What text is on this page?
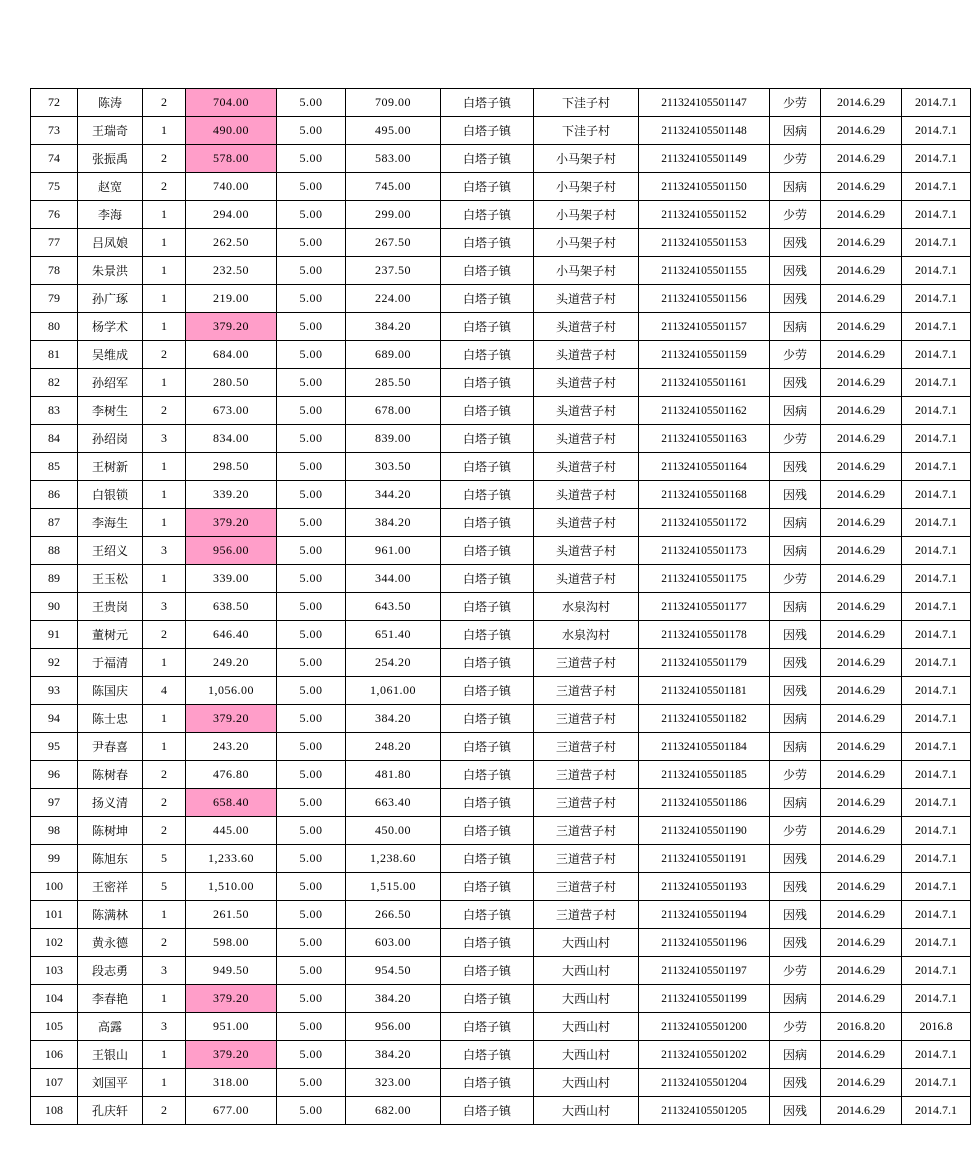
72	陈涛	2	704.00	5.00	709.00	白塔子镇	下洼子村	211324105501147	少劳	2014.6.29	2014.7.1
73	王瑞奇	1	490.00	5.00	495.00	白塔子镇	下洼子村	211324105501148	因病	2014.6.29	2014.7.1
74	张振禹	2	578.00	5.00	583.00	白塔子镇	小马架子村	211324105501149	少劳	2014.6.29	2014.7.1
75	赵宽	2	740.00	5.00	745.00	白塔子镇	小马架子村	211324105501150	因病	2014.6.29	2014.7.1
76	李海	1	294.00	5.00	299.00	白塔子镇	小马架子村	211324105501152	少劳	2014.6.29	2014.7.1
77	吕凤娘	1	262.50	5.00	267.50	白塔子镇	小马架子村	211324105501153	因残	2014.6.29	2014.7.1
78	朱景洪	1	232.50	5.00	237.50	白塔子镇	小马架子村	211324105501155	因残	2014.6.29	2014.7.1
79	孙广琢	1	219.00	5.00	224.00	白塔子镇	头道营子村	211324105501156	因残	2014.6.29	2014.7.1
80	杨学术	1	379.20	5.00	384.20	白塔子镇	头道营子村	211324105501157	因病	2014.6.29	2014.7.1
81	吴维成	2	684.00	5.00	689.00	白塔子镇	头道营子村	211324105501159	少劳	2014.6.29	2014.7.1
82	孙绍军	1	280.50	5.00	285.50	白塔子镇	头道营子村	211324105501161	因残	2014.6.29	2014.7.1
83	李树生	2	673.00	5.00	678.00	白塔子镇	头道营子村	211324105501162	因病	2014.6.29	2014.7.1
84	孙绍岗	3	834.00	5.00	839.00	白塔子镇	头道营子村	211324105501163	少劳	2014.6.29	2014.7.1
85	王树新	1	298.50	5.00	303.50	白塔子镇	头道营子村	211324105501164	因残	2014.6.29	2014.7.1
86	白银锁	1	339.20	5.00	344.20	白塔子镇	头道营子村	211324105501168	因残	2014.6.29	2014.7.1
87	李海生	1	379.20	5.00	384.20	白塔子镇	头道营子村	211324105501172	因病	2014.6.29	2014.7.1
88	王绍义	3	956.00	5.00	961.00	白塔子镇	头道营子村	211324105501173	因病	2014.6.29	2014.7.1
89	王玉松	1	339.00	5.00	344.00	白塔子镇	头道营子村	211324105501175	少劳	2014.6.29	2014.7.1
90	王贵岗	3	638.50	5.00	643.50	白塔子镇	水泉沟村	211324105501177	因病	2014.6.29	2014.7.1
91	董树元	2	646.40	5.00	651.40	白塔子镇	水泉沟村	211324105501178	因残	2014.6.29	2014.7.1
92	于福清	1	249.20	5.00	254.20	白塔子镇	三道营子村	211324105501179	因残	2014.6.29	2014.7.1
93	陈国庆	4	1,056.00	5.00	1,061.00	白塔子镇	三道营子村	211324105501181	因残	2014.6.29	2014.7.1
94	陈士忠	1	379.20	5.00	384.20	白塔子镇	三道营子村	211324105501182	因病	2014.6.29	2014.7.1
95	尹春喜	1	243.20	5.00	248.20	白塔子镇	三道营子村	211324105501184	因病	2014.6.29	2014.7.1
96	陈树春	2	476.80	5.00	481.80	白塔子镇	三道营子村	211324105501185	少劳	2014.6.29	2014.7.1
97	扬义清	2	658.40	5.00	663.40	白塔子镇	三道营子村	211324105501186	因病	2014.6.29	2014.7.1
98	陈树坤	2	445.00	5.00	450.00	白塔子镇	三道营子村	211324105501190	少劳	2014.6.29	2014.7.1
99	陈旭东	5	1,233.60	5.00	1,238.60	白塔子镇	三道营子村	211324105501191	因残	2014.6.29	2014.7.1
100	王密祥	5	1,510.00	5.00	1,515.00	白塔子镇	三道营子村	211324105501193	因残	2014.6.29	2014.7.1
101	陈满林	1	261.50	5.00	266.50	白塔子镇	三道营子村	211324105501194	因残	2014.6.29	2014.7.1
102	黄永德	2	598.00	5.00	603.00	白塔子镇	大西山村	211324105501196	因残	2014.6.29	2014.7.1
103	段志勇	3	949.50	5.00	954.50	白塔子镇	大西山村	211324105501197	少劳	2014.6.29	2014.7.1
104	李春艳	1	379.20	5.00	384.20	白塔子镇	大西山村	211324105501199	因病	2014.6.29	2014.7.1
105	高露	3	951.00	5.00	956.00	白塔子镇	大西山村	211324105501200	少劳	2016.8.20	2016.8
106	王银山	1	379.20	5.00	384.20	白塔子镇	大西山村	211324105501202	因病	2014.6.29	2014.7.1
107	刘国平	1	318.00	5.00	323.00	白塔子镇	大西山村	211324105501204	因残	2014.6.29	2014.7.1
108	孔庆轩	2	677.00	5.00	682.00	白塔子镇	大西山村	211324105501205	因残	2014.6.29	2014.7.1
